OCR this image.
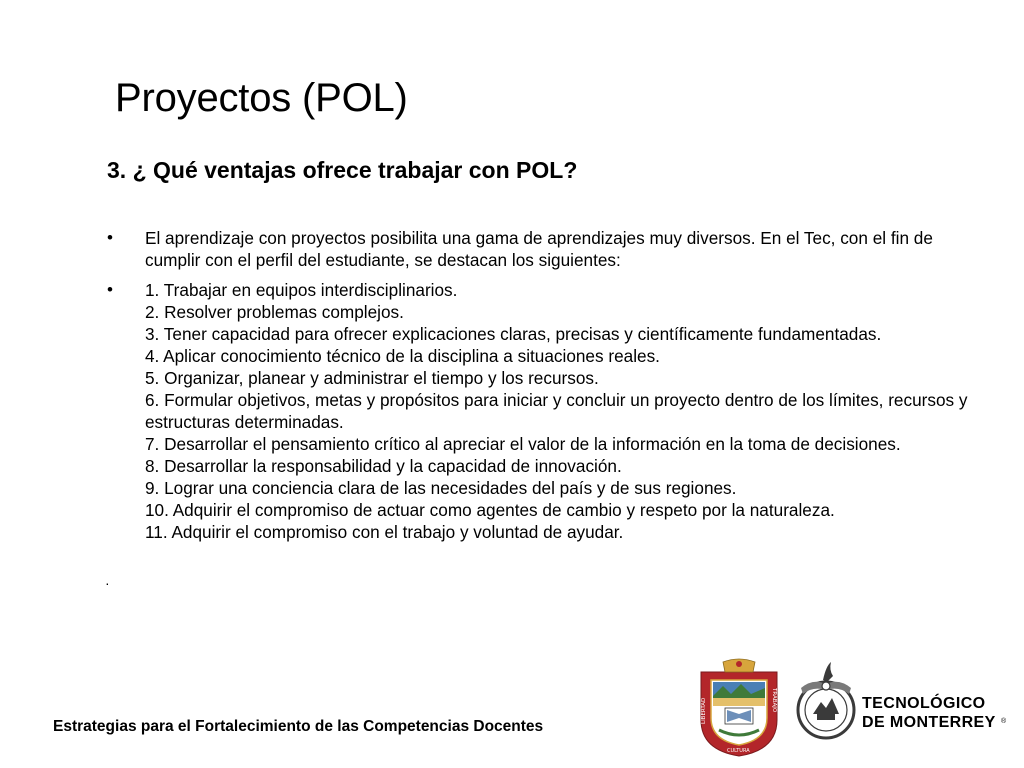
Proyectos (POL)
3. ¿ Qué ventajas ofrece trabajar con POL?
• El aprendizaje con proyectos posibilita una gama de aprendizajes muy diversos. En el Tec, con el fin de cumplir con el perfil del estudiante, se destacan los siguientes:

• 1. Trabajar en equipos interdisciplinarios.

2. Resolver problemas complejos.

3. Tener capacidad para ofrecer explicaciones claras, precisas y científicamente fundamentadas.

4. Aplicar conocimiento técnico de la disciplina a situaciones reales.

5. Organizar, planear y administrar el tiempo y los recursos.

6. Formular objetivos, metas y propósitos para iniciar y concluir un proyecto dentro de los límites, recursos y estructuras determinadas.

7. Desarrollar el pensamiento crítico al apreciar el valor de la información en la toma de decisiones.

8. Desarrollar la responsabilidad y la capacidad de innovación.

9. Lograr una conciencia clara de las necesidades del país y de sus regiones.

10. Adquirir el compromiso de actuar como agentes de cambio y respeto por la naturaleza.

11. Adquirir el compromiso con el trabajo y voluntad de ayudar.

·

Estrategias para el Fortalecimiento de las Competencias Docentes

LIBERTAD	TRABAJO
CULTURA
TECNOLÓGICO
DE MONTERREY ®
